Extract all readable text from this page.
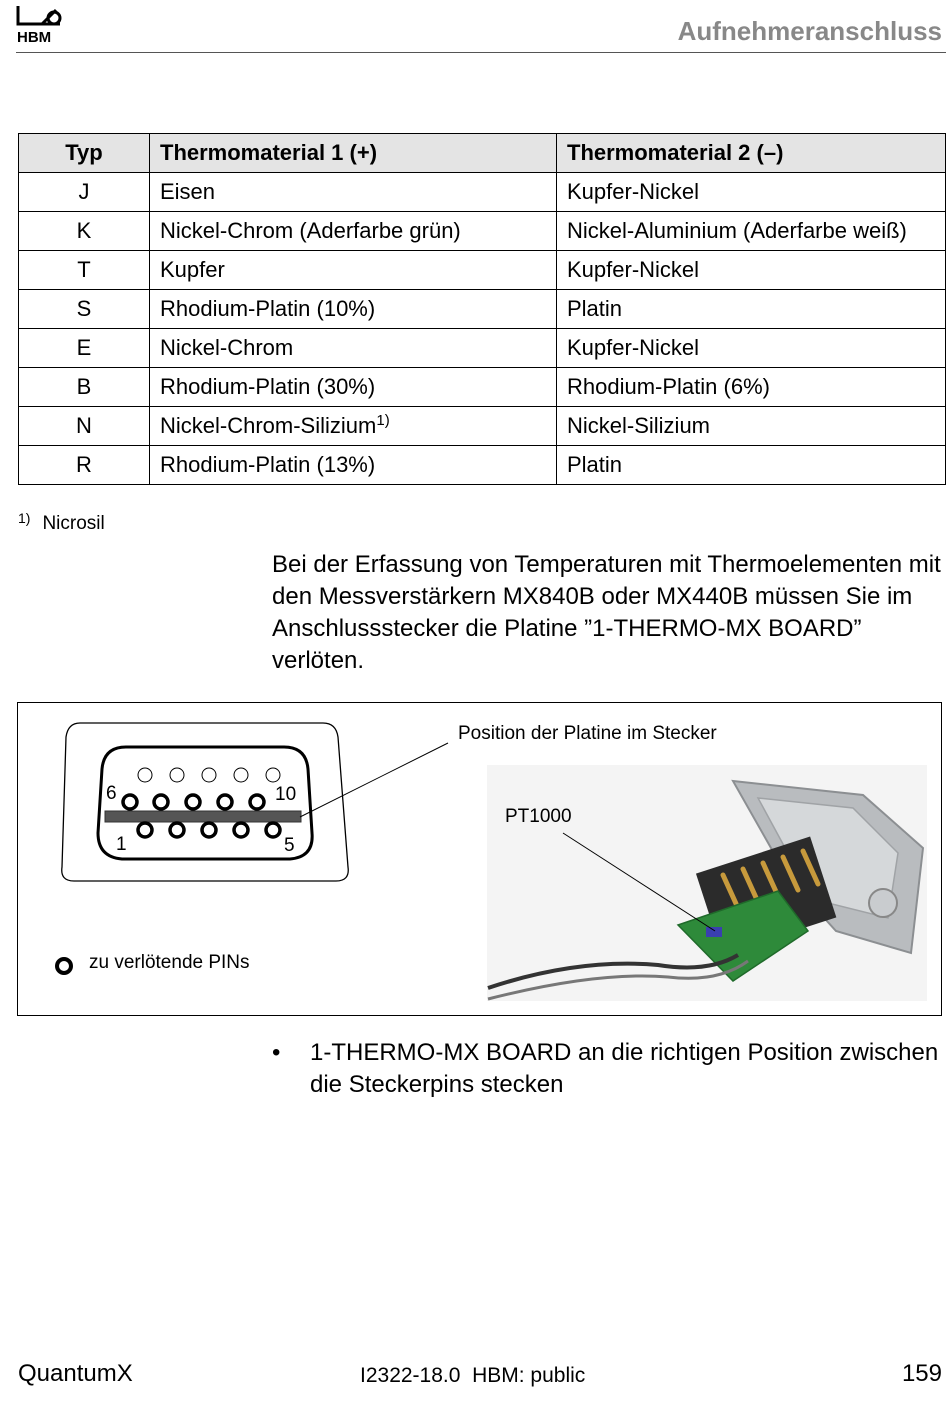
HBM	Aufnehmeranschluss
Typ	Thermomaterial 1 (+)	Thermomaterial 2 (–)
J	Eisen	Kupfer-Nickel
K	Nickel-Chrom (Aderfarbe grün)	Nickel-Aluminium (Aderfarbe weiß)
T	Kupfer	Kupfer-Nickel
S	Rhodium-Platin (10%)	Platin
E	Nickel-Chrom	Kupfer-Nickel
B	Rhodium-Platin (30%)	Rhodium-Platin (6%)
N	Nickel-Chrom-Silizium$^{1)}$	Nickel-Silizium
R	Rhodium-Platin (13%)	Platin
$^{1)}$ Nicrosil

Bei der Erfassung von Temperaturen mit Thermoelementen mit den Messverstärkern MX840B oder MX440B müssen Sie im Anschlussstecker die Platine ”1-THERMO-MX BOARD” verlöten.

6	10
1	5
Position der Platine im Stecker
PT1000
zu verlötende PINs
• 1-THERMO-MX BOARD an die richtigen Position zwischen die Steckerpins stecken
QuantumX	I2322-18.0 HBM: public	159
